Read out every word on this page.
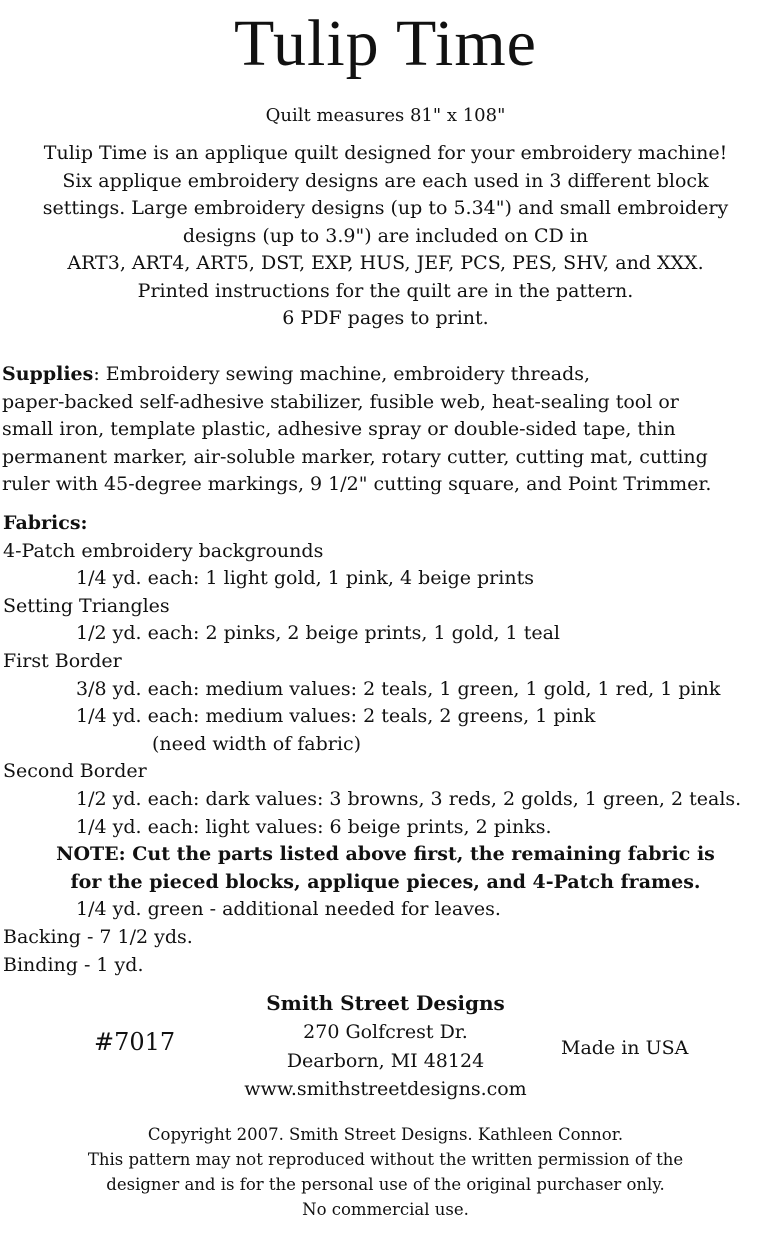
Tulip Time
Quilt measures 81" x 108"
Tulip Time is an applique quilt designed for your embroidery machine!
Six applique embroidery designs are each used in 3 different block
settings. Large embroidery designs (up to 5.34") and small embroidery
designs (up to 3.9") are included on CD in
ART3, ART4, ART5, DST, EXP, HUS, JEF, PCS, PES, SHV, and XXX.
Printed instructions for the quilt are in the pattern.
6 PDF pages to print.
Supplies: Embroidery sewing machine, embroidery threads,
paper-backed self-adhesive stabilizer, fusible web, heat-sealing tool or
small iron, template plastic, adhesive spray or double-sided tape, thin
permanent marker, air-soluble marker, rotary cutter, cutting mat, cutting
ruler with 45-degree markings, 9 1/2" cutting square, and Point Trimmer.
Fabrics:
4-Patch embroidery backgrounds
1/4 yd. each: 1 light gold, 1 pink, 4 beige prints
Setting Triangles
1/2 yd. each: 2 pinks, 2 beige prints, 1 gold, 1 teal
First Border
3/8 yd. each: medium values: 2 teals, 1 green, 1 gold, 1 red, 1 pink
1/4 yd. each: medium values: 2 teals, 2 greens, 1 pink
(need width of fabric)
Second Border
1/2 yd. each: dark values: 3 browns, 3 reds, 2 golds, 1 green, 2 teals.
1/4 yd. each: light values: 6 beige prints, 2 pinks.
NOTE: Cut the parts listed above first, the remaining fabric is
for the pieced blocks, applique pieces, and 4-Patch frames.
1/4 yd. green - additional needed for leaves.
Backing - 7 1/2 yds.
Binding - 1 yd.
Smith Street Designs
#7017	270 Golfcrest Dr.
Dearborn, MI 48124
www.smithstreetdesigns.com
Made in USA
Copyright 2007. Smith Street Designs. Kathleen Connor.
This pattern may not reproduced without the written permission of the
designer and is for the personal use of the original purchaser only.
No commercial use.
